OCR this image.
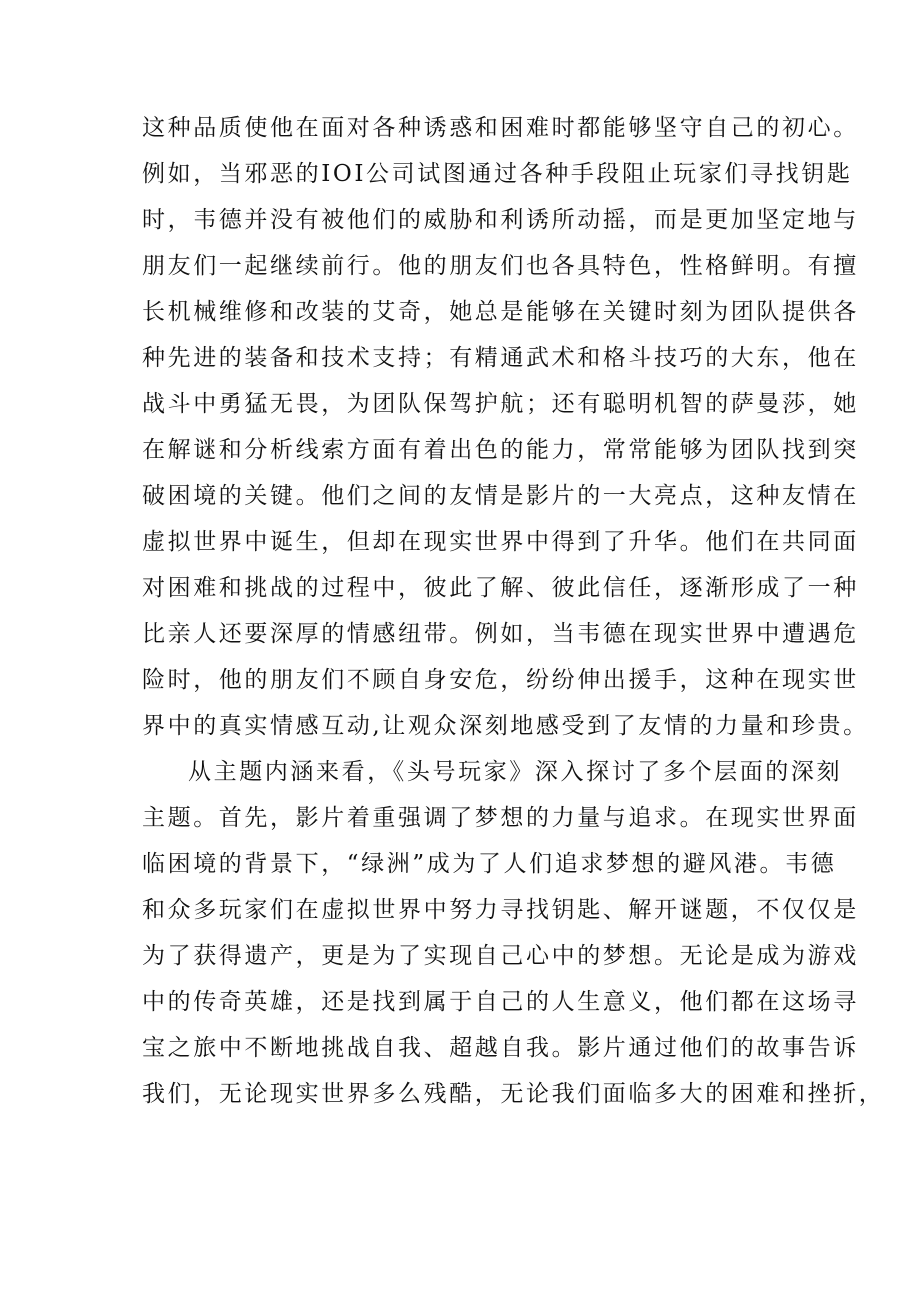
这种品质使他在面对各种诱惑和困难时都能够坚守自己的初心。
例如，当邪恶的IOI公司试图通过各种手段阻止玩家们寻找钥匙
时，韦德并没有被他们的威胁和利诱所动摇，而是更加坚定地与
朋友们一起继续前行。他的朋友们也各具特色，性格鲜明。有擅
长机械维修和改装的艾奇，她总是能够在关键时刻为团队提供各
种先进的装备和技术支持；有精通武术和格斗技巧的大东，他在
战斗中勇猛无畏，为团队保驾护航；还有聪明机智的萨曼莎，她
在解谜和分析线索方面有着出色的能力，常常能够为团队找到突
破困境的关键。他们之间的友情是影片的一大亮点，这种友情在
虚拟世界中诞生，但却在现实世界中得到了升华。他们在共同面
对困难和挑战的过程中，彼此了解、彼此信任，逐渐形成了一种
比亲人还要深厚的情感纽带。例如，当韦德在现实世界中遭遇危
险时，他的朋友们不顾自身安危，纷纷伸出援手，这种在现实世
界中的真实情感互动,让观众深刻地感受到了友情的力量和珍贵。
从主题内涵来看，《头号玩家》深入探讨了多个层面的深刻
主题。首先，影片着重强调了梦想的力量与追求。在现实世界面
临困境的背景下，“绿洲”成为了人们追求梦想的避风港。韦德
和众多玩家们在虚拟世界中努力寻找钥匙、解开谜题，不仅仅是
为了获得遗产，更是为了实现自己心中的梦想。无论是成为游戏
中的传奇英雄，还是找到属于自己的人生意义，他们都在这场寻
宝之旅中不断地挑战自我、超越自我。影片通过他们的故事告诉
我们，无论现实世界多么残酷，无论我们面临多大的困难和挫折，
